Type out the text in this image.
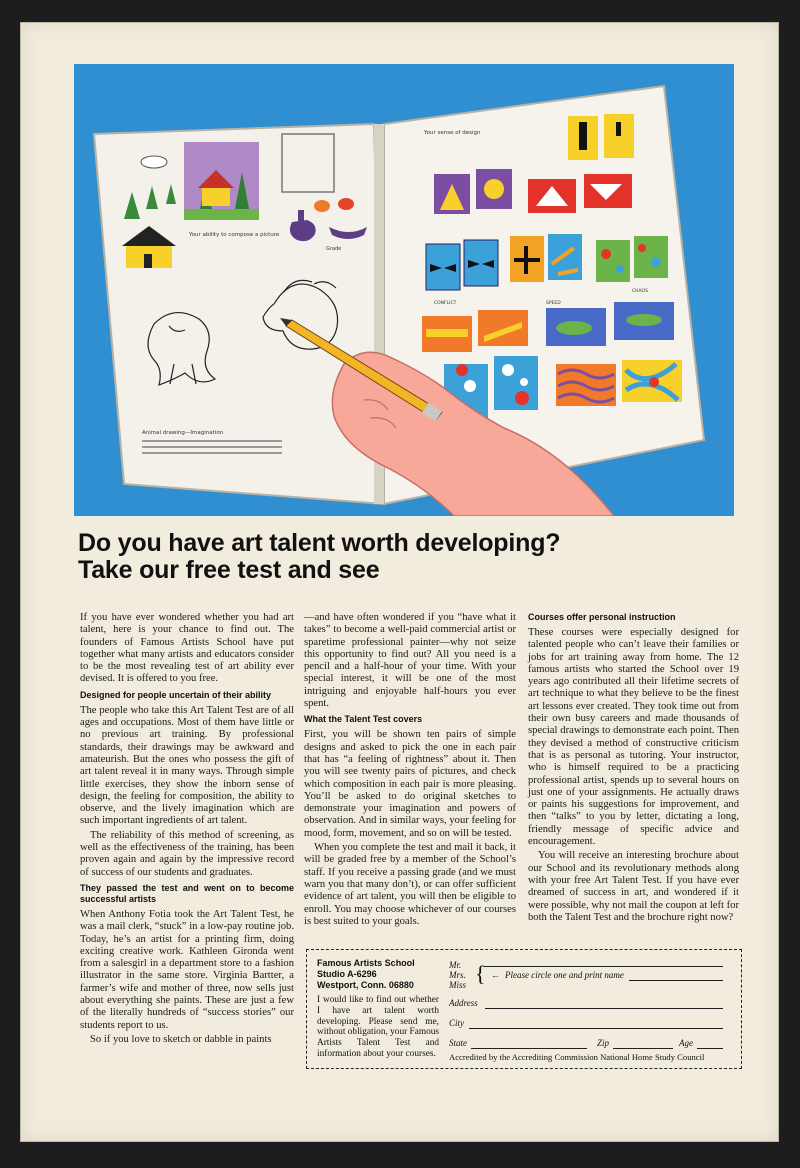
Your ability to compose a picture
Grade
Animal drawing—Imagination
Your sense of design
CONFLICT	SPEED
CHAOS
Do you have art talent worth developing?
Take our free test and see

If you have ever wondered whether you had art talent, here is your chance to find out. The founders of Famous Artists School have put together what many artists and educators consider to be the most revealing test of art ability ever devised. It is offered to you free.

Designed for people uncertain of their ability

The people who take this Art Talent Test are of all ages and occupations. Most of them have little or no previous art training. By professional standards, their drawings may be awkward and amateurish. But the ones who possess the gift of art talent reveal it in many ways. Through simple little exercises, they show the inborn sense of design, the feeling for composition, the ability to observe, and the lively imagination which are such important ingredients of art talent.

The reliability of this method of screening, as well as the effectiveness of the training, has been proven again and again by the impressive record of success of our students and graduates.

They passed the test and went on to become successful artists

When Anthony Fotia took the Art Talent Test, he was a mail clerk, “stuck” in a low-pay routine job. Today, he’s an artist for a printing firm, doing exciting creative work. Kathleen Gironda went from a salesgirl in a department store to a fashion illustrator in the same store. Virginia Bartter, a farmer’s wife and mother of three, now sells just about everything she paints. These are just a few of the literally hundreds of “success stories” our students report to us.

So if you love to sketch or dabble in paints

—and have often wondered if you “have what it takes” to become a well-paid commercial artist or sparetime professional painter—why not seize this opportunity to find out? All you need is a pencil and a half-hour of your time. With your special interest, it will be one of the most intriguing and enjoyable half-hours you ever spent.

What the Talent Test covers

First, you will be shown ten pairs of simple designs and asked to pick the one in each pair that has “a feeling of rightness” about it. Then you will see twenty pairs of pictures, and check which composition in each pair is more pleasing. You’ll be asked to do original sketches to demonstrate your imagination and powers of observation. And in similar ways, your feeling for mood, form, movement, and so on will be tested.

When you complete the test and mail it back, it will be graded free by a member of the School’s staff. If you receive a passing grade (and we must warn you that many don’t), or can offer sufficient evidence of art talent, you will then be eligible to enroll. You may choose whichever of our courses is best suited to your goals.

Courses offer personal instruction

These courses were especially designed for talented people who can’t leave their families or jobs for art training away from home. The 12 famous artists who started the School over 19 years ago contributed all their lifetime secrets of art technique to what they believe to be the finest art lessons ever created. They took time out from their own busy careers and made thousands of special drawings to demonstrate each point. Then they devised a method of constructive criticism that is as personal as tutoring. Your instructor, who is himself required to be a practicing professional artist, spends up to several hours on just one of your assignments. He actually draws or paints his suggestions for improvement, and then “talks” to you by letter, dictating a long, friendly message of specific advice and encouragement.

You will receive an interesting brochure about our School and its revolutionary methods along with your free Art Talent Test. If you have ever dreamed of success in art, and wondered if it were possible, why not mail the coupon at left for both the Talent Test and the brochure right now?

Famous Artists School
Studio A-6296
Westport, Conn. 06880
I would like to find out whether I have art talent worth developing. Please send me, without obligation, your Famous Artists Talent Test and information about your courses.
Mr.
Mrs.
Miss { ← Please circle one and print name
Address
City
State	Zip	Age
Accredited by the Accrediting Commission National Home Study Council
